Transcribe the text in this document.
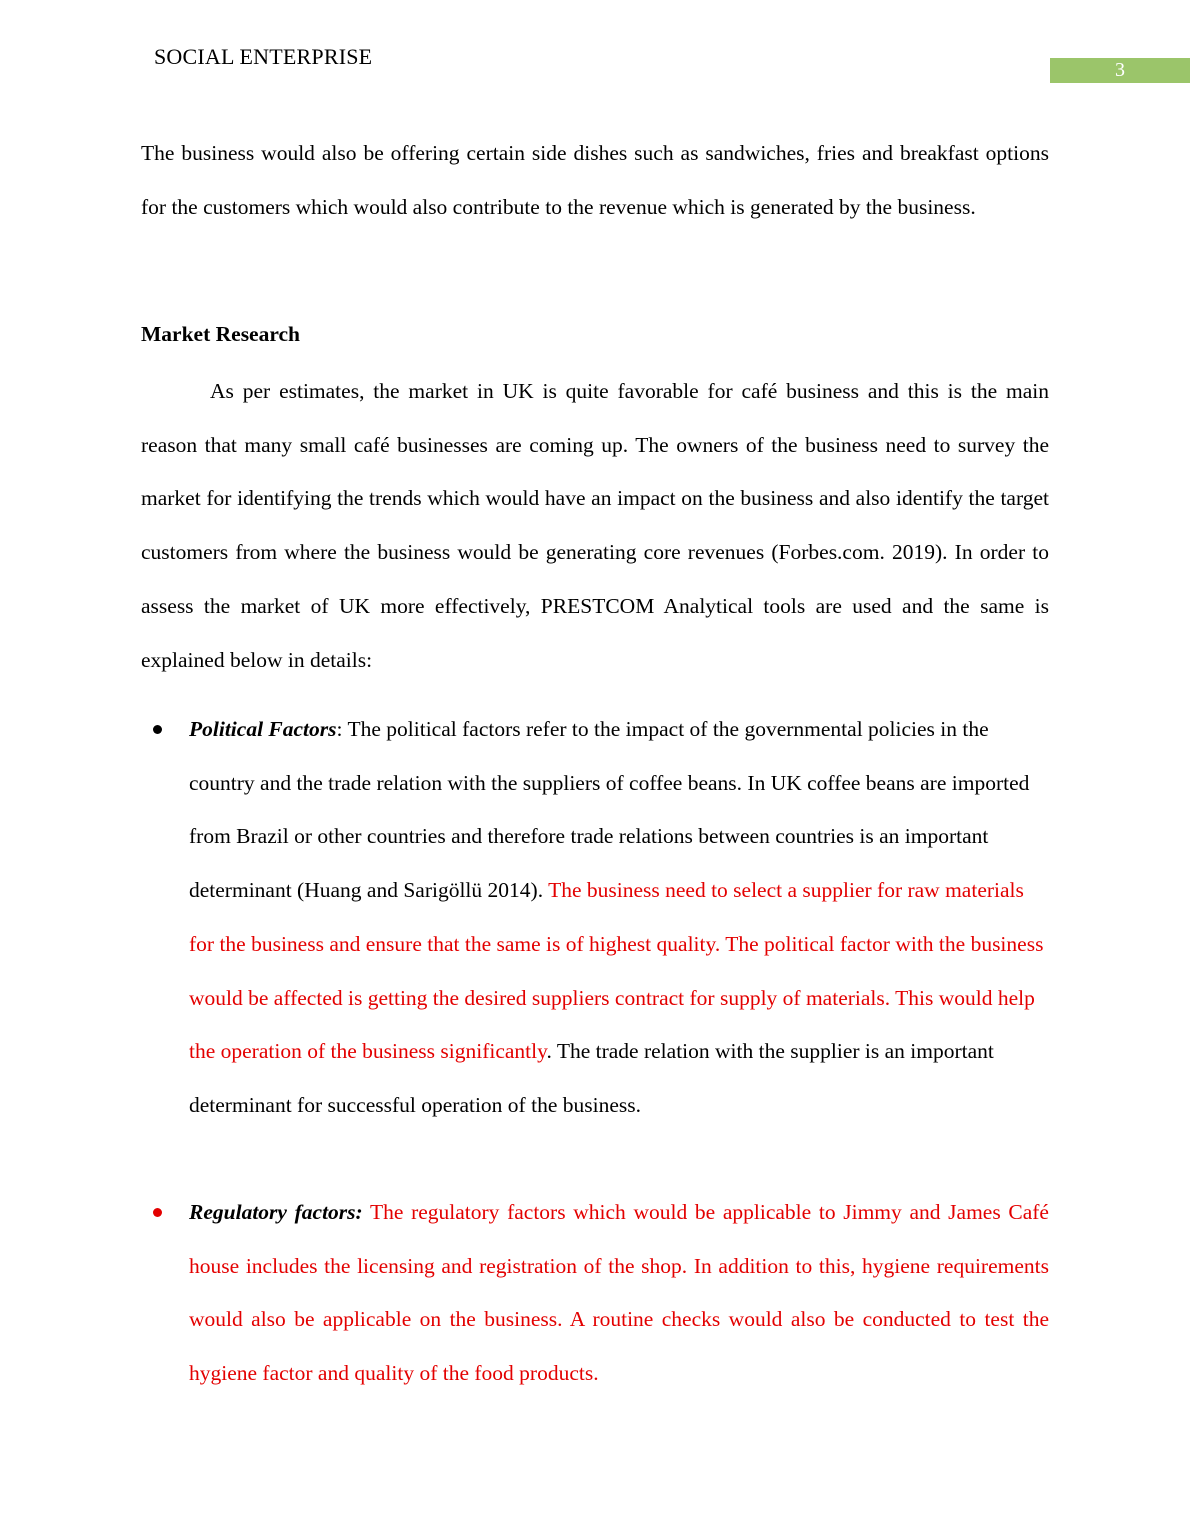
SOCIAL ENTERPRISE
3

The business would also be offering certain side dishes such as sandwiches, fries and breakfast options for the customers which would also contribute to the revenue which is generated by the business.

Market Research

As per estimates, the market in UK is quite favorable for café business and this is the main reason that many small café businesses are coming up. The owners of the business need to survey the market for identifying the trends which would have an impact on the business and also identify the target customers from where the business would be generating core revenues (Forbes.com. 2019). In order to assess the market of UK more effectively, PRESTCOM Analytical tools are used and the same is explained below in details:

Political Factors: The political factors refer to the impact of the governmental policies in the country and the trade relation with the suppliers of coffee beans. In UK coffee beans are imported from Brazil or other countries and therefore trade relations between countries is an important determinant (Huang and Sarigöllü 2014). The business need to select a supplier for raw materials for the business and ensure that the same is of highest quality. The political factor with the business would be affected is getting the desired suppliers contract for supply of materials. This would help the operation of the business significantly. The trade relation with the supplier is an important determinant for successful operation of the business.
Regulatory factors: The regulatory factors which would be applicable to Jimmy and James Café house includes the licensing and registration of the shop. In addition to this, hygiene requirements would also be applicable on the business. A routine checks would also be conducted to test the hygiene factor and quality of the food products.
